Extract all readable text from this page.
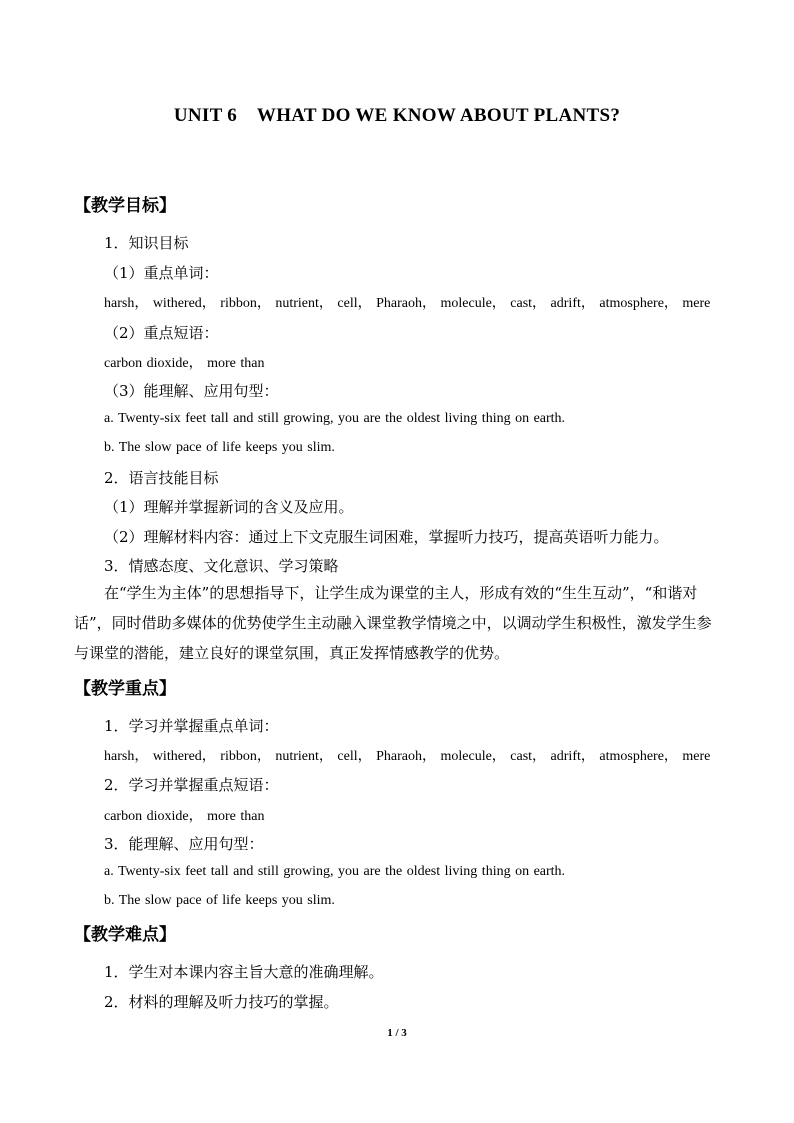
UNIT 6    WHAT DO WE KNOW ABOUT PLANTS?
【教学目标】
1．知识目标
（1）重点单词：
harsh， withered， ribbon， nutrient， cell， Pharaoh， molecule， cast， adrift， atmosphere， mere
（2）重点短语：
carbon dioxide， more than
（3）能理解、应用句型：
a. Twenty-six feet tall and still growing, you are the oldest living thing on earth.
b. The slow pace of life keeps you slim.
2．语言技能目标
（1）理解并掌握新词的含义及应用。
（2）理解材料内容：通过上下文克服生词困难，掌握听力技巧，提高英语听力能力。
3．情感态度、文化意识、学习策略
在“学生为主体”的思想指导下，让学生成为课堂的主人，形成有效的“生生互动”，“和谐对话”，同时借助多媒体的优势使学生主动融入课堂教学情境之中，以调动学生积极性，激发学生参与课堂的潜能，建立良好的课堂氛围，真正发挥情感教学的优势。
【教学重点】
1．学习并掌握重点单词：
harsh， withered， ribbon， nutrient， cell， Pharaoh， molecule， cast， adrift， atmosphere， mere
2．学习并掌握重点短语：
carbon dioxide， more than
3．能理解、应用句型：
a. Twenty-six feet tall and still growing, you are the oldest living thing on earth.
b. The slow pace of life keeps you slim.
【教学难点】
1．学生对本课内容主旨大意的准确理解。
2．材料的理解及听力技巧的掌握。
1 / 3
